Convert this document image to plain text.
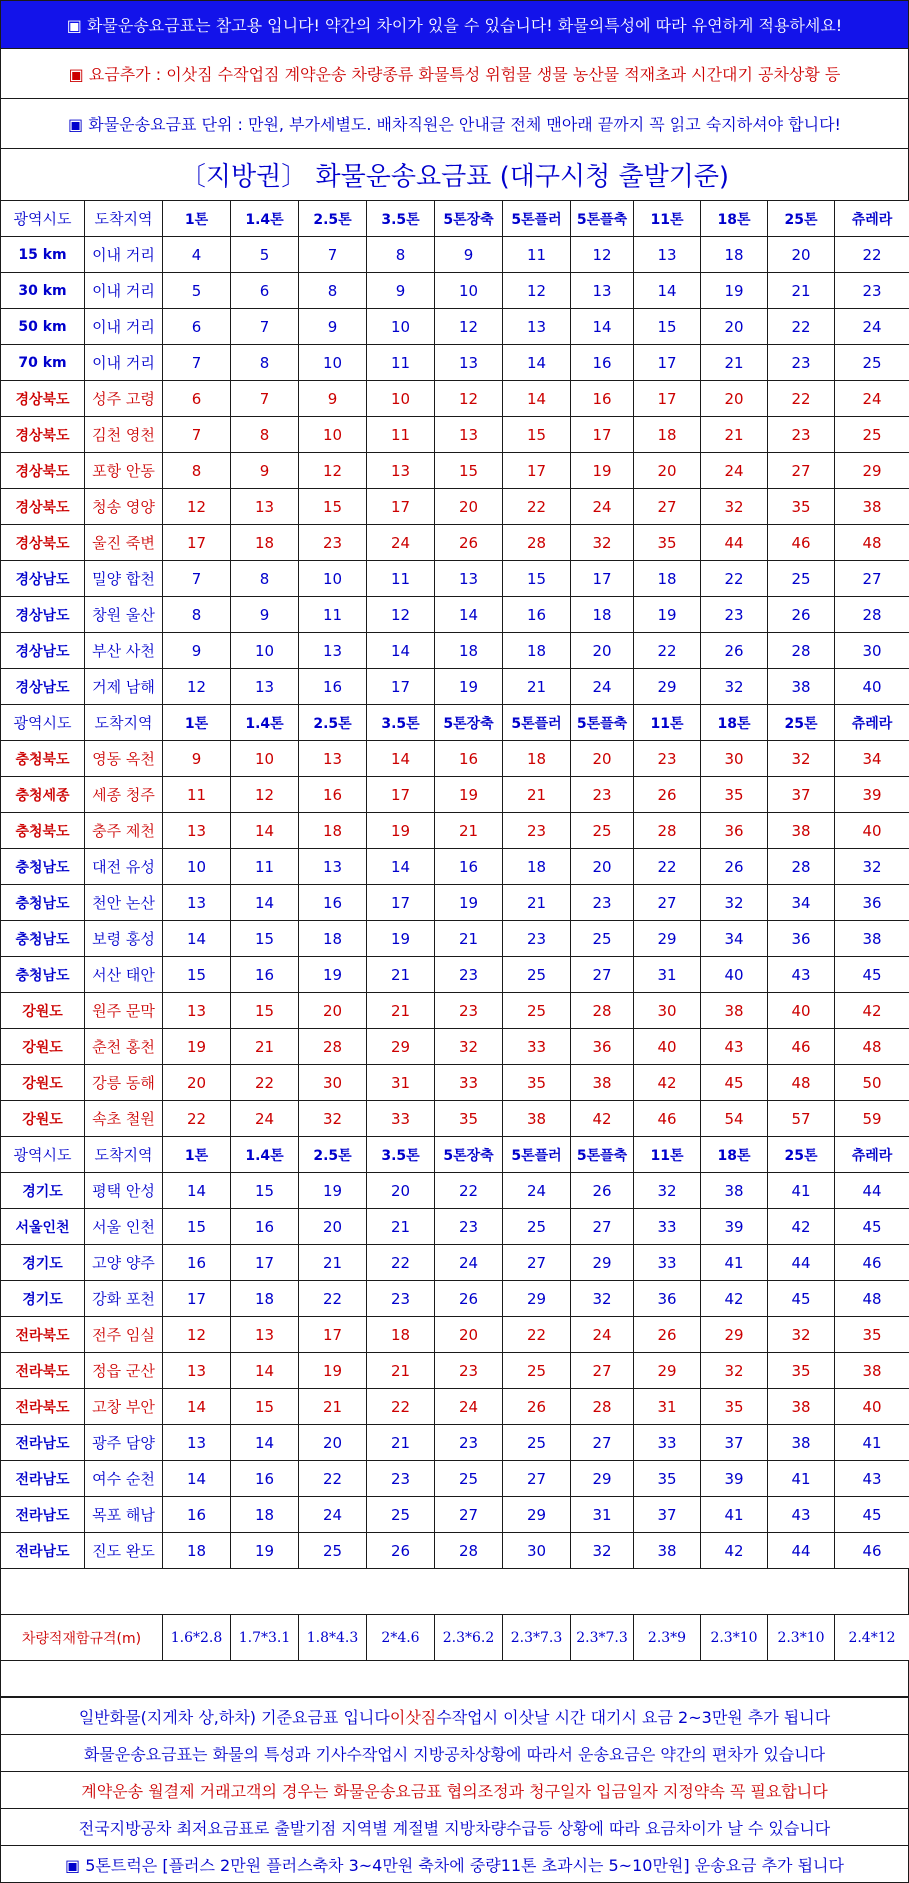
▣ 화물운송요금표는 참고용 입니다! 약간의 차이가 있을 수 있습니다! 화물의특성에 따라 유연하게 적용하세요!
▣ 요금추가 : 이삿짐 수작업짐 계약운송 차량종류 화물특성 위험물 생물 농산물 적재초과 시간대기 공차상황 등
▣ 화물운송요금표 단위 : 만원, 부가세별도. 배차직원은 안내글 전체 맨아래 끝까지 꼭 읽고 숙지하셔야 합니다!
〔지방권〕 화물운송요금표 (대구시청 출발기준)
광역시도	도착지역	1톤	1.4톤	2.5톤	3.5톤	5톤장축	5톤플러	5톤플축	11톤	18톤	25톤	츄레라
15 km	이내 거리	4	5	7	8	9	11	12	13	18	20	22
30 km	이내 거리	5	6	8	9	10	12	13	14	19	21	23
50 km	이내 거리	6	7	9	10	12	13	14	15	20	22	24
70 km	이내 거리	7	8	10	11	13	14	16	17	21	23	25
경상북도	성주 고령	6	7	9	10	12	14	16	17	20	22	24
경상북도	김천 영천	7	8	10	11	13	15	17	18	21	23	25
경상북도	포항 안동	8	9	12	13	15	17	19	20	24	27	29
경상북도	청송 영양	12	13	15	17	20	22	24	27	32	35	38
경상북도	울진 죽변	17	18	23	24	26	28	32	35	44	46	48
경상남도	밀양 합천	7	8	10	11	13	15	17	18	22	25	27
경상남도	창원 울산	8	9	11	12	14	16	18	19	23	26	28
경상남도	부산 사천	9	10	13	14	18	18	20	22	26	28	30
경상남도	거제 남해	12	13	16	17	19	21	24	29	32	38	40
광역시도	도착지역	1톤	1.4톤	2.5톤	3.5톤	5톤장축	5톤플러	5톤플축	11톤	18톤	25톤	츄레라
충청북도	영동 옥천	9	10	13	14	16	18	20	23	30	32	34
충청세종	세종 청주	11	12	16	17	19	21	23	26	35	37	39
충청북도	충주 제천	13	14	18	19	21	23	25	28	36	38	40
충청남도	대전 유성	10	11	13	14	16	18	20	22	26	28	32
충청남도	천안 논산	13	14	16	17	19	21	23	27	32	34	36
충청남도	보령 홍성	14	15	18	19	21	23	25	29	34	36	38
충청남도	서산 태안	15	16	19	21	23	25	27	31	40	43	45
강원도	원주 문막	13	15	20	21	23	25	28	30	38	40	42
강원도	춘천 홍천	19	21	28	29	32	33	36	40	43	46	48
강원도	강릉 동해	20	22	30	31	33	35	38	42	45	48	50
강원도	속초 철원	22	24	32	33	35	38	42	46	54	57	59
광역시도	도착지역	1톤	1.4톤	2.5톤	3.5톤	5톤장축	5톤플러	5톤플축	11톤	18톤	25톤	츄레라
경기도	평택 안성	14	15	19	20	22	24	26	32	38	41	44
서울인천	서울 인천	15	16	20	21	23	25	27	33	39	42	45
경기도	고양 양주	16	17	21	22	24	27	29	33	41	44	46
경기도	강화 포천	17	18	22	23	26	29	32	36	42	45	48
전라북도	전주 임실	12	13	17	18	20	22	24	26	29	32	35
전라북도	정읍 군산	13	14	19	21	23	25	27	29	32	35	38
전라북도	고창 부안	14	15	21	22	24	26	28	31	35	38	40
전라남도	광주 담양	13	14	20	21	23	25	27	33	37	38	41
전라남도	여수 순천	14	16	22	23	25	27	29	35	39	41	43
전라남도	목포 해남	16	18	24	25	27	29	31	37	41	43	45
전라남도	진도 완도	18	19	25	26	28	30	32	38	42	44	46
차량적재함규격(m)	1.6*2.8	1.7*3.1	1.8*4.3	2*4.6	2.3*6.2	2.3*7.3	2.3*7.3	2.3*9	2.3*10	2.3*10	2.4*12
일반화물(지게차 상,하차) 기준요금표 입니다 이삿짐 수작업시 이삿날 시간 대기시 요금 2~3만원 추가 됩니다
화물운송요금표는 화물의 특성과 기사수작업시 지방공차상황에 따라서 운송요금은 약간의 편차가 있습니다
계약운송 월결제 거래고객의 경우는 화물운송요금표 협의조정과 청구일자 입금일자 지정약속 꼭 필요합니다
전국지방공차 최저요금표로 출발기점 지역별 계절별 지방차량수급등 상황에 따라 요금차이가 날 수 있습니다
▣ 5톤트럭은 [플러스 2만원 플러스축차 3~4만원 축차에 중량11톤 초과시는 5~10만원] 운송요금 추가 됩니다
